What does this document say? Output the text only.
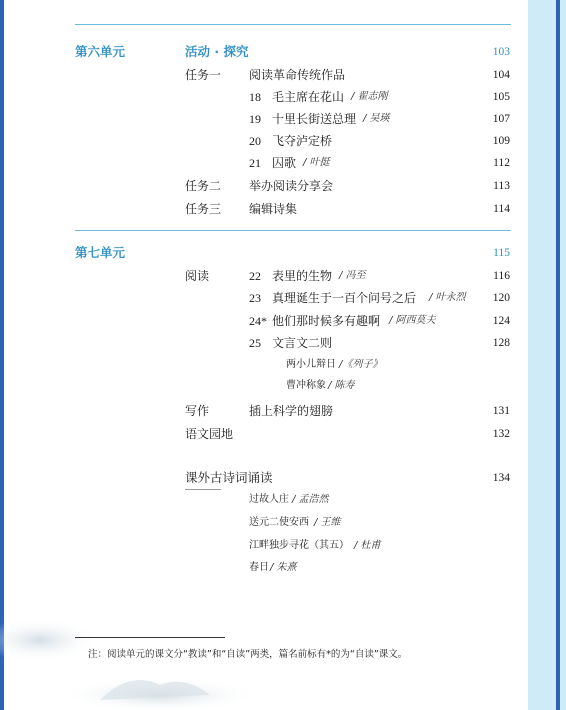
第六单元	活动 · 探究	103
任务一 阅读革命传统作品	104
18 毛主席在花山 / 翟志刚	105
19 十里长街送总理 / 吴瑛	107
20 飞夺泸定桥	109
21 囚歌 / 叶挺	112
任务二 举办阅读分享会	113
任务三 编辑诗集	114
第七单元	115
阅读	22 表里的生物 / 冯至	116
23 真理诞生于一百个问号之后 / 叶永烈	120
24* 他们那时候多有趣啊 / 阿西莫夫	124
25 文言文二则	128
两小儿辩日 /《列子》
曹冲称象 / 陈寿
写作	插上科学的翅膀	131
语文园地	132
课外古诗词诵读	134
过故人庄 / 孟浩然
送元二使安西 / 王维
江畔独步寻花（其五） / 杜甫
春日 / 朱熹
注：阅读单元的课文分“教读”和“自读”两类，篇名前标有*的为“自读”课文。
